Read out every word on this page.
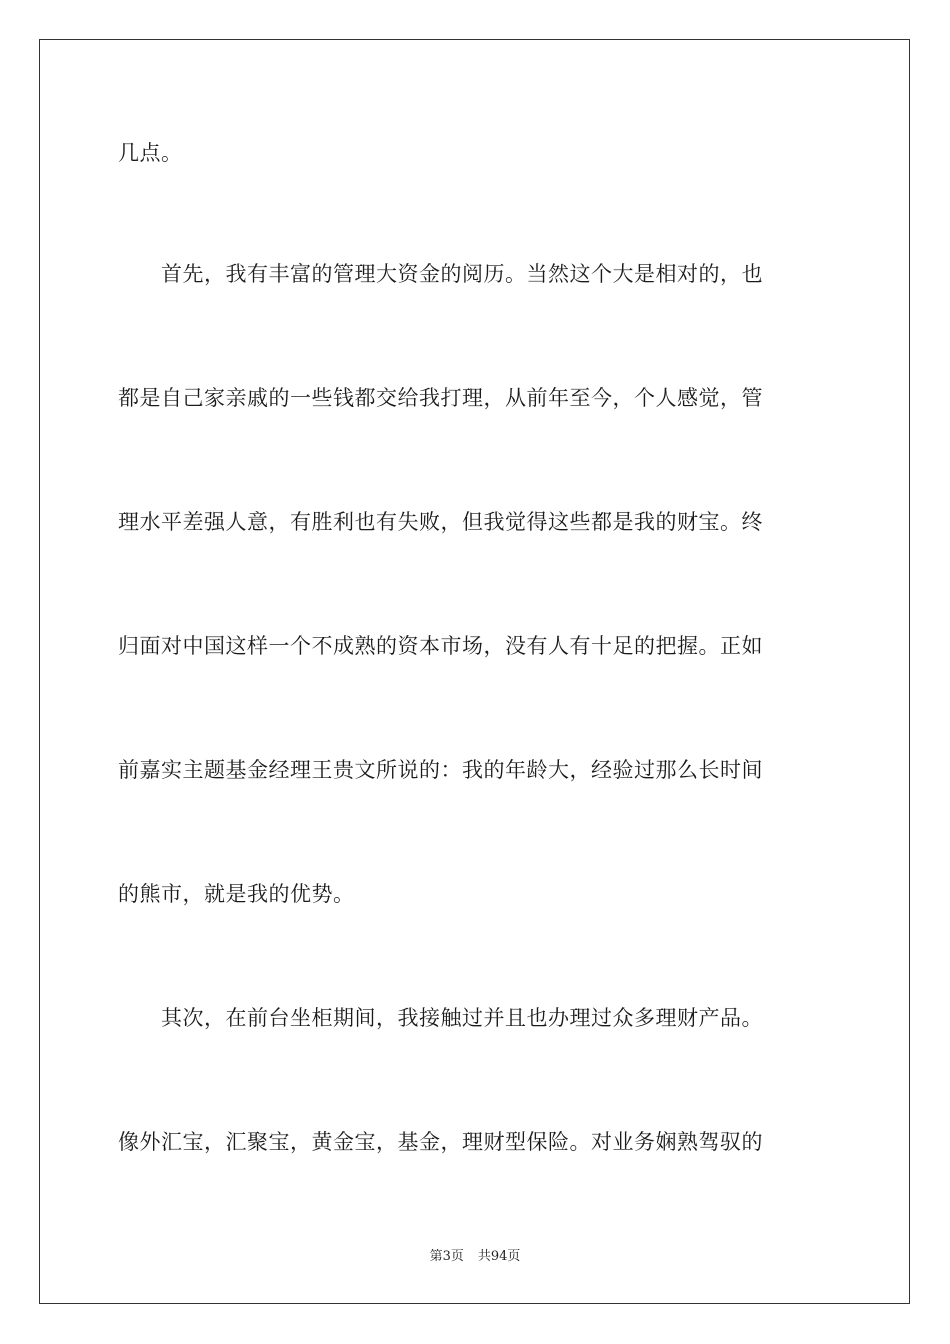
几点。
　　首先，我有丰富的管理大资金的阅历。当然这个大是相对的，也
都是自己家亲戚的一些钱都交给我打理，从前年至今，个人感觉，管
理水平差强人意，有胜利也有失败，但我觉得这些都是我的财宝。终
归面对中国这样一个不成熟的资本市场，没有人有十足的把握。正如
前嘉实主题基金经理王贵文所说的：我的年龄大，经验过那么长时间
的熊市，就是我的优势。
　　其次，在前台坐柜期间，我接触过并且也办理过众多理财产品。
像外汇宝，汇聚宝，黄金宝，基金，理财型保险。对业务娴熟驾驭的
第3页 共94页
